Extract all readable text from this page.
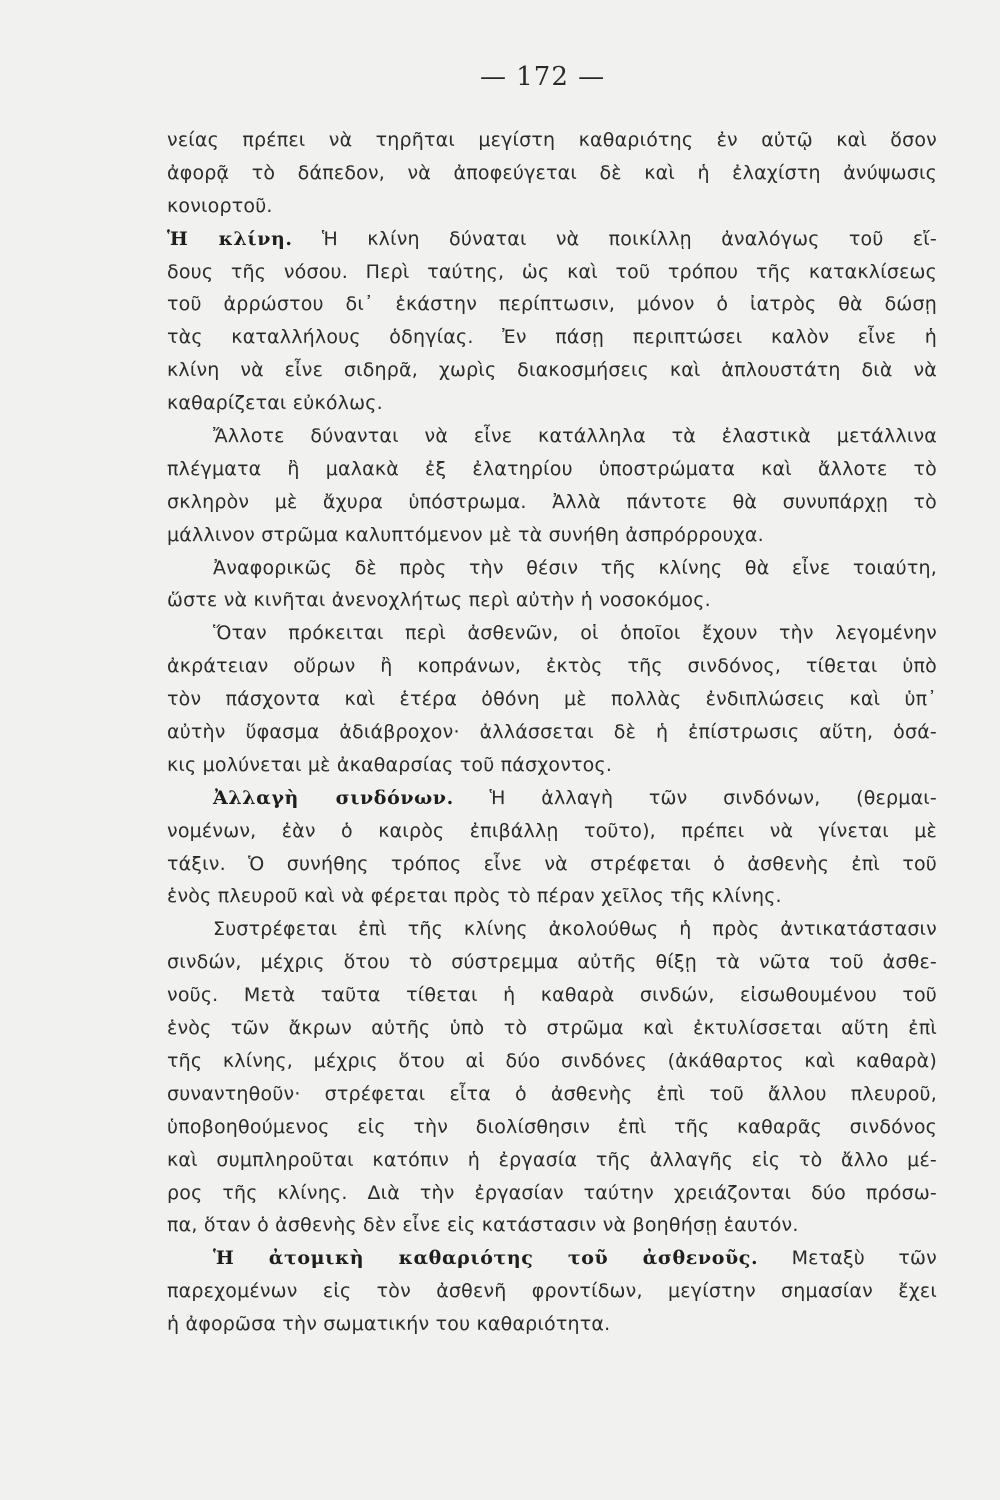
— 172 —
νείας πρέπει νὰ τηρῆται μεγίστη καθαριότης ἐν αὐτῷ καὶ ὅσον
ἀφορᾷ τὸ δάπεδον, νὰ ἀποφεύγεται δὲ καὶ ἡ ἐλαχίστη ἀνύψωσις
κονιορτοῦ.
Ἡ κλίνη. Ἡ κλίνη δύναται νὰ ποικίλλῃ ἀναλόγως τοῦ εἴ-
δους τῆς νόσου. Περὶ ταύτης, ὡς καὶ τοῦ τρόπου τῆς κατακλίσεως
τοῦ ἀρρώστου δι᾽ ἑκάστην περίπτωσιν, μόνον ὁ ἰατρὸς θὰ δώσῃ
τὰς καταλλήλους ὁδηγίας. Ἐν πάσῃ περιπτώσει καλὸν εἶνε ἡ
κλίνη νὰ εἶνε σιδηρᾶ, χωρὶς διακοσμήσεις καὶ ἁπλουστάτη διὰ νὰ
καθαρίζεται εὐκόλως.
Ἄλλοτε δύνανται νὰ εἶνε κατάλληλα τὰ ἐλαστικὰ μετάλλινα
πλέγματα ἢ μαλακὰ ἐξ ἐλατηρίου ὑποστρώματα καὶ ἄλλοτε τὸ
σκληρὸν μὲ ἄχυρα ὑπόστρωμα. Ἀλλὰ πάντοτε θὰ συνυπάρχῃ τὸ
μάλλινον στρῶμα καλυπτόμενον μὲ τὰ συνήθη ἀσπρόρρουχα.
Ἀναφορικῶς δὲ πρὸς τὴν θέσιν τῆς κλίνης θὰ εἶνε τοιαύτη,
ὥστε νὰ κινῆται ἀνενοχλήτως περὶ αὐτὴν ἡ νοσοκόμος.
Ὅταν πρόκειται περὶ ἀσθενῶν, οἱ ὁποῖοι ἔχουν τὴν λεγομένην
ἀκράτειαν οὔρων ἢ κοπράνων, ἐκτὸς τῆς σινδόνος, τίθεται ὑπὸ
τὸν πάσχοντα καὶ ἑτέρα ὀθόνη μὲ πολλὰς ἐνδιπλώσεις καὶ ὑπ᾽
αὐτὴν ὕφασμα ἀδιάβροχον· ἀλλάσσεται δὲ ἡ ἐπίστρωσις αὕτη, ὁσά-
κις μολύνεται μὲ ἀκαθαρσίας τοῦ πάσχοντος.
Ἀλλαγὴ σινδόνων. Ἡ ἀλλαγὴ τῶν σινδόνων, (θερμαι-
νομένων, ἐὰν ὁ καιρὸς ἐπιβάλλῃ τοῦτο), πρέπει νὰ γίνεται μὲ
τάξιν. Ὁ συνήθης τρόπος εἶνε νὰ στρέφεται ὁ ἀσθενὴς ἐπὶ τοῦ
ἑνὸς πλευροῦ καὶ νὰ φέρεται πρὸς τὸ πέραν χεῖλος τῆς κλίνης.
Συστρέφεται ἐπὶ τῆς κλίνης ἀκολούθως ἡ πρὸς ἀντικατάστασιν
σινδών, μέχρις ὅτου τὸ σύστρεμμα αὐτῆς θίξῃ τὰ νῶτα τοῦ ἀσθε-
νοῦς. Μετὰ ταῦτα τίθεται ἡ καθαρὰ σινδών, εἰσωθουμένου τοῦ
ἑνὸς τῶν ἄκρων αὐτῆς ὑπὸ τὸ στρῶμα καὶ ἐκτυλίσσεται αὕτη ἐπὶ
τῆς κλίνης, μέχρις ὅτου αἱ δύο σινδόνες (ἀκάθαρτος καὶ καθαρὰ)
συναντηθοῦν· στρέφεται εἶτα ὁ ἀσθενὴς ἐπὶ τοῦ ἄλλου πλευροῦ,
ὑποβοηθούμενος εἰς τὴν διολίσθησιν ἐπὶ τῆς καθαρᾶς σινδόνος
καὶ συμπληροῦται κατόπιν ἡ ἐργασία τῆς ἀλλαγῆς εἰς τὸ ἄλλο μέ-
ρος τῆς κλίνης. Διὰ τὴν ἐργασίαν ταύτην χρειάζονται δύο πρόσω-
πα, ὅταν ὁ ἀσθενὴς δὲν εἶνε εἰς κατάστασιν νὰ βοηθήσῃ ἑαυτόν.
Ἡ ἀτομικὴ καθαριότης τοῦ ἀσθενοῦς. Μεταξὺ τῶν
παρεχομένων εἰς τὸν ἀσθενῆ φροντίδων, μεγίστην σημασίαν ἔχει
ἡ ἀφορῶσα τὴν σωματικήν του καθαριότητα.
